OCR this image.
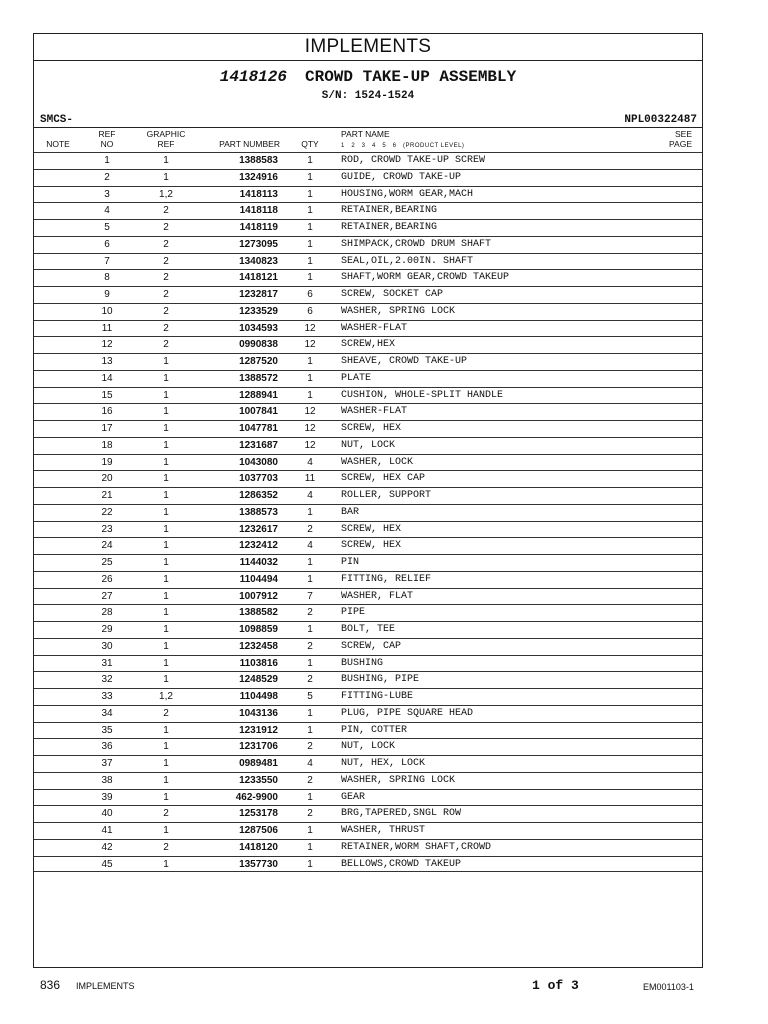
IMPLEMENTS
1418126 CROWD TAKE-UP ASSEMBLY
S/N: 1524-1524
SMCS-	NPL00322487
NOTE
REF
NO
GRAPHIC
REF	PART NUMBER	QTY
PART NAME
1   2   3   4   5   6   (PRODUCT LEVEL)
SEE
PAGE
1	1	1388583	1	ROD, CROWD TAKE-UP SCREW
2	1	1324916	1	GUIDE, CROWD TAKE-UP
3	1,2	1418113	1	HOUSING,WORM GEAR,MACH
4	2	1418118	1	RETAINER,BEARING
5	2	1418119	1	RETAINER,BEARING
6	2	1273095	1	SHIMPACK,CROWD DRUM SHAFT
7	2	1340823	1	SEAL,OIL,2.00IN. SHAFT
8	2	1418121	1	SHAFT,WORM GEAR,CROWD TAKEUP
9	2	1232817	6	SCREW, SOCKET CAP
10	2	1233529	6	WASHER, SPRING LOCK
11	2	1034593	12	WASHER-FLAT
12	2	0990838	12	SCREW,HEX
13	1	1287520	1	SHEAVE, CROWD TAKE-UP
14	1	1388572	1	PLATE
15	1	1288941	1	CUSHION, WHOLE-SPLIT HANDLE
16	1	1007841	12	WASHER-FLAT
17	1	1047781	12	SCREW, HEX
18	1	1231687	12	NUT, LOCK
19	1	1043080	4	WASHER, LOCK
20	1	1037703	11	SCREW, HEX CAP
21	1	1286352	4	ROLLER, SUPPORT
22	1	1388573	1	BAR
23	1	1232617	2	SCREW, HEX
24	1	1232412	4	SCREW, HEX
25	1	1144032	1	PIN
26	1	1104494	1	FITTING, RELIEF
27	1	1007912	7	WASHER, FLAT
28	1	1388582	2	PIPE
29	1	1098859	1	BOLT, TEE
30	1	1232458	2	SCREW, CAP
31	1	1103816	1	BUSHING
32	1	1248529	2	BUSHING, PIPE
33	1,2	1104498	5	FITTING-LUBE
34	2	1043136	1	PLUG, PIPE SQUARE HEAD
35	1	1231912	1	PIN, COTTER
36	1	1231706	2	NUT, LOCK
37	1	0989481	4	NUT, HEX, LOCK
38	1	1233550	2	WASHER, SPRING LOCK
39	1	462-9900	1	GEAR
40	2	1253178	2	BRG,TAPERED,SNGL ROW
41	1	1287506	1	WASHER, THRUST
42	2	1418120	1	RETAINER,WORM SHAFT,CROWD
45	1	1357730	1	BELLOWS,CROWD TAKEUP
836 IMPLEMENTS	1 of 3	EM001103-1
